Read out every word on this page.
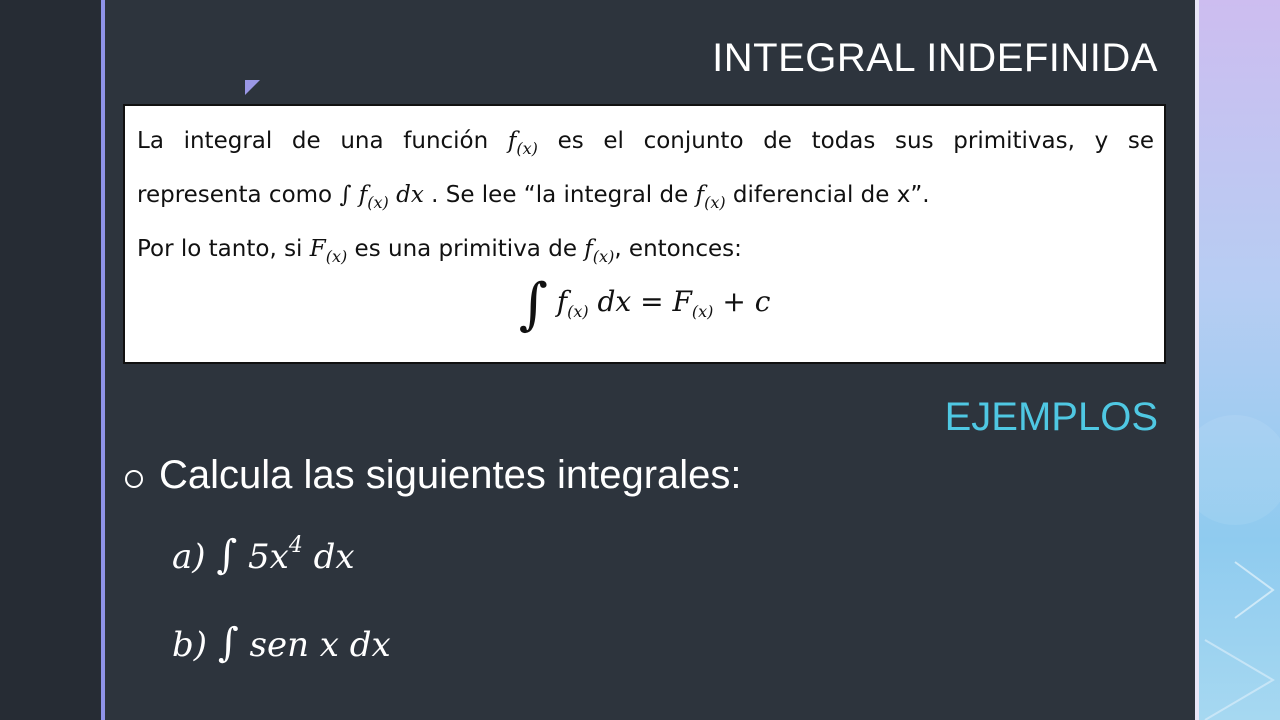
INTEGRAL INDEFINIDA

La integral de una función $f_{(x)}$ es el conjunto de todas sus primitivas, y se

representa como ∫ $f_{(x)}$ dx . Se lee “la integral de $f_{(x)}$ diferencial de x”.

Por lo tanto, si $F_{(x)}$ es una primitiva de $f_{(x)}$, entonces:

∫ $f_{(x)}$ dx = $F_{(x)} + c$
EJEMPLOS
Calcula las siguientes integrales:
a) ∫ $5x^4$ dx
b) ∫ sen x dx
